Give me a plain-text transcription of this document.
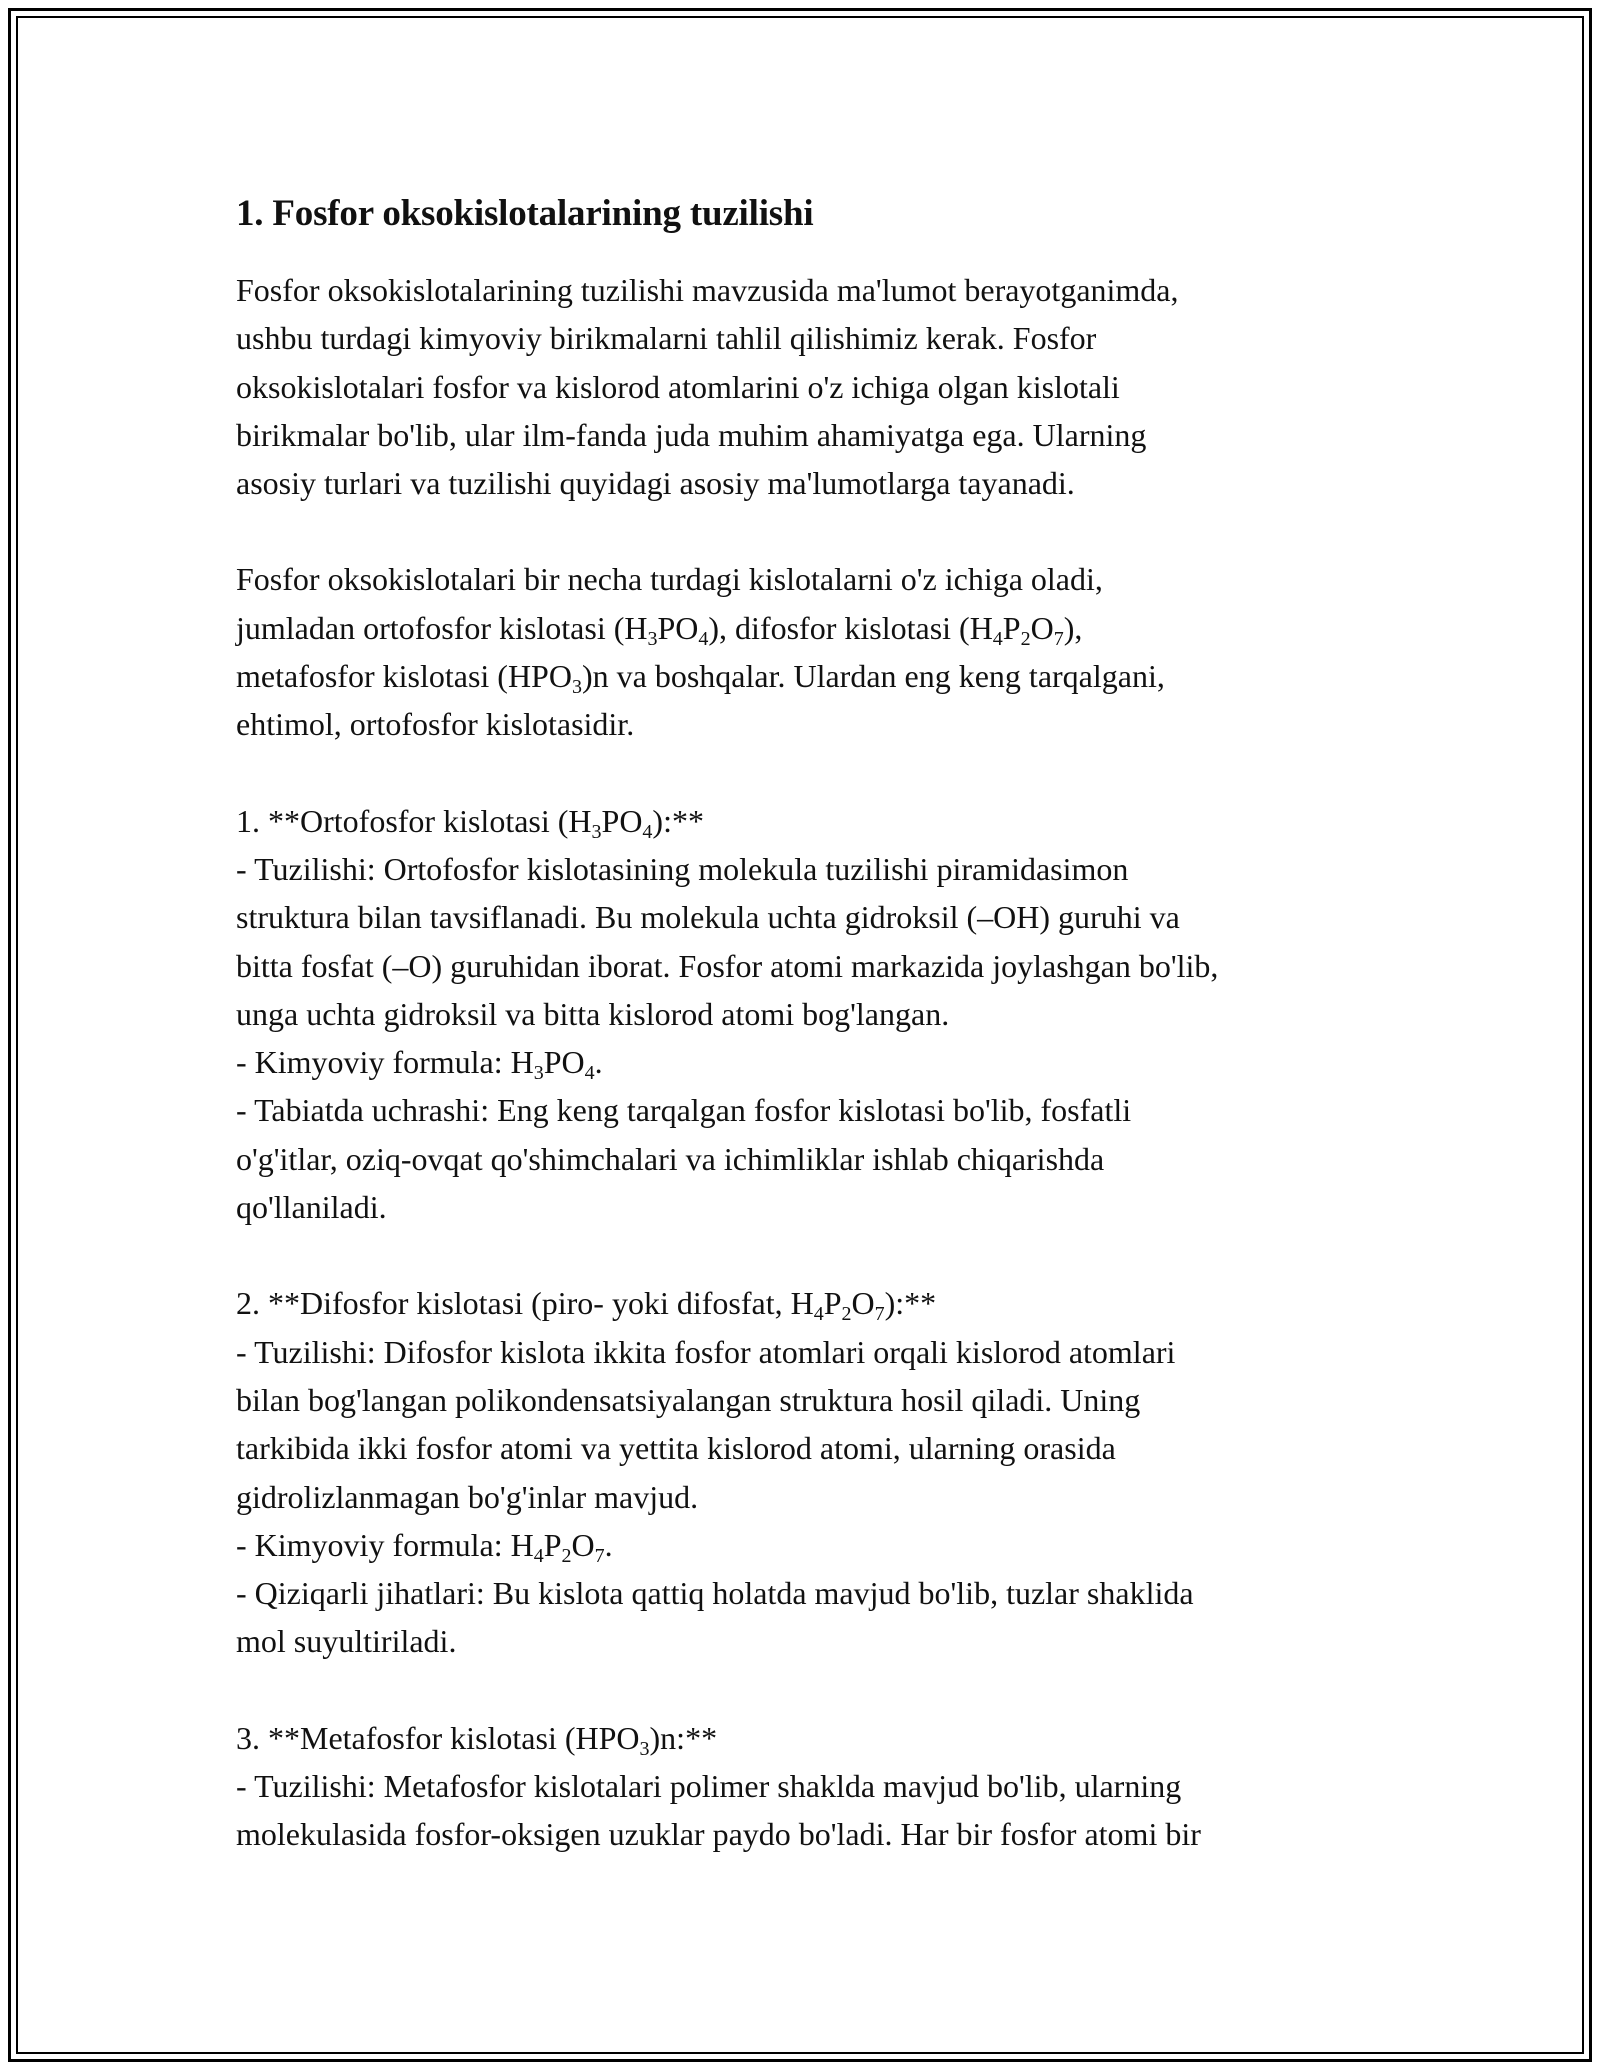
1. Fosfor oksokislotalarining tuzilishi

Fosfor oksokislotalarining tuzilishi mavzusida ma'lumot berayotganimda,
ushbu turdagi kimyoviy birikmalarni tahlil qilishimiz kerak. Fosfor
oksokislotalari fosfor va kislorod atomlarini o'z ichiga olgan kislotali
birikmalar bo'lib, ular ilm-fanda juda muhim ahamiyatga ega. Ularning
asosiy turlari va tuzilishi quyidagi asosiy ma'lumotlarga tayanadi.

Fosfor oksokislotalari bir necha turdagi kislotalarni o'z ichiga oladi,
jumladan ortofosfor kislotasi $(H_3PO_4)$, difosfor kislotasi $(H_4P_2O_7)$,
metafosfor kislotasi $(HPO_3)n$ va boshqalar. Ulardan eng keng tarqalgani,
ehtimol, ortofosfor kislotasidir.

1. **Ortofosfor kislotasi $(H_3PO_4):**$
- Tuzilishi: Ortofosfor kislotasining molekula tuzilishi piramidasimon
struktura bilan tavsiflanadi. Bu molekula uchta gidroksil (–OH) guruhi va
bitta fosfat (–O) guruhidan iborat. Fosfor atomi markazida joylashgan bo'lib,
unga uchta gidroksil va bitta kislorod atomi bog'langan.
- Kimyoviy formula: $H_3PO_4$.
- Tabiatda uchrashi: Eng keng tarqalgan fosfor kislotasi bo'lib, fosfatli
o'g'itlar, oziq-ovqat qo'shimchalari va ichimliklar ishlab chiqarishda
qo'llaniladi.

2. **Difosfor kislotasi (piro- yoki difosfat, $H_4P_2O_7):**$
- Tuzilishi: Difosfor kislota ikkita fosfor atomlari orqali kislorod atomlari
bilan bog'langan polikondensatsiyalangan struktura hosil qiladi. Uning
tarkibida ikki fosfor atomi va yettita kislorod atomi, ularning orasida
gidrolizlanmagan bo'g'inlar mavjud.
- Kimyoviy formula: $H_4P_2O_7$.
- Qiziqarli jihatlari: Bu kislota qattiq holatda mavjud bo'lib, tuzlar shaklida
mol suyultiriladi.

3. **Metafosfor kislotasi $(HPO_3)n:**$
- Tuzilishi: Metafosfor kislotalari polimer shaklda mavjud bo'lib, ularning
molekulasida fosfor-oksigen uzuklar paydo bo'ladi. Har bir fosfor atomi bir
